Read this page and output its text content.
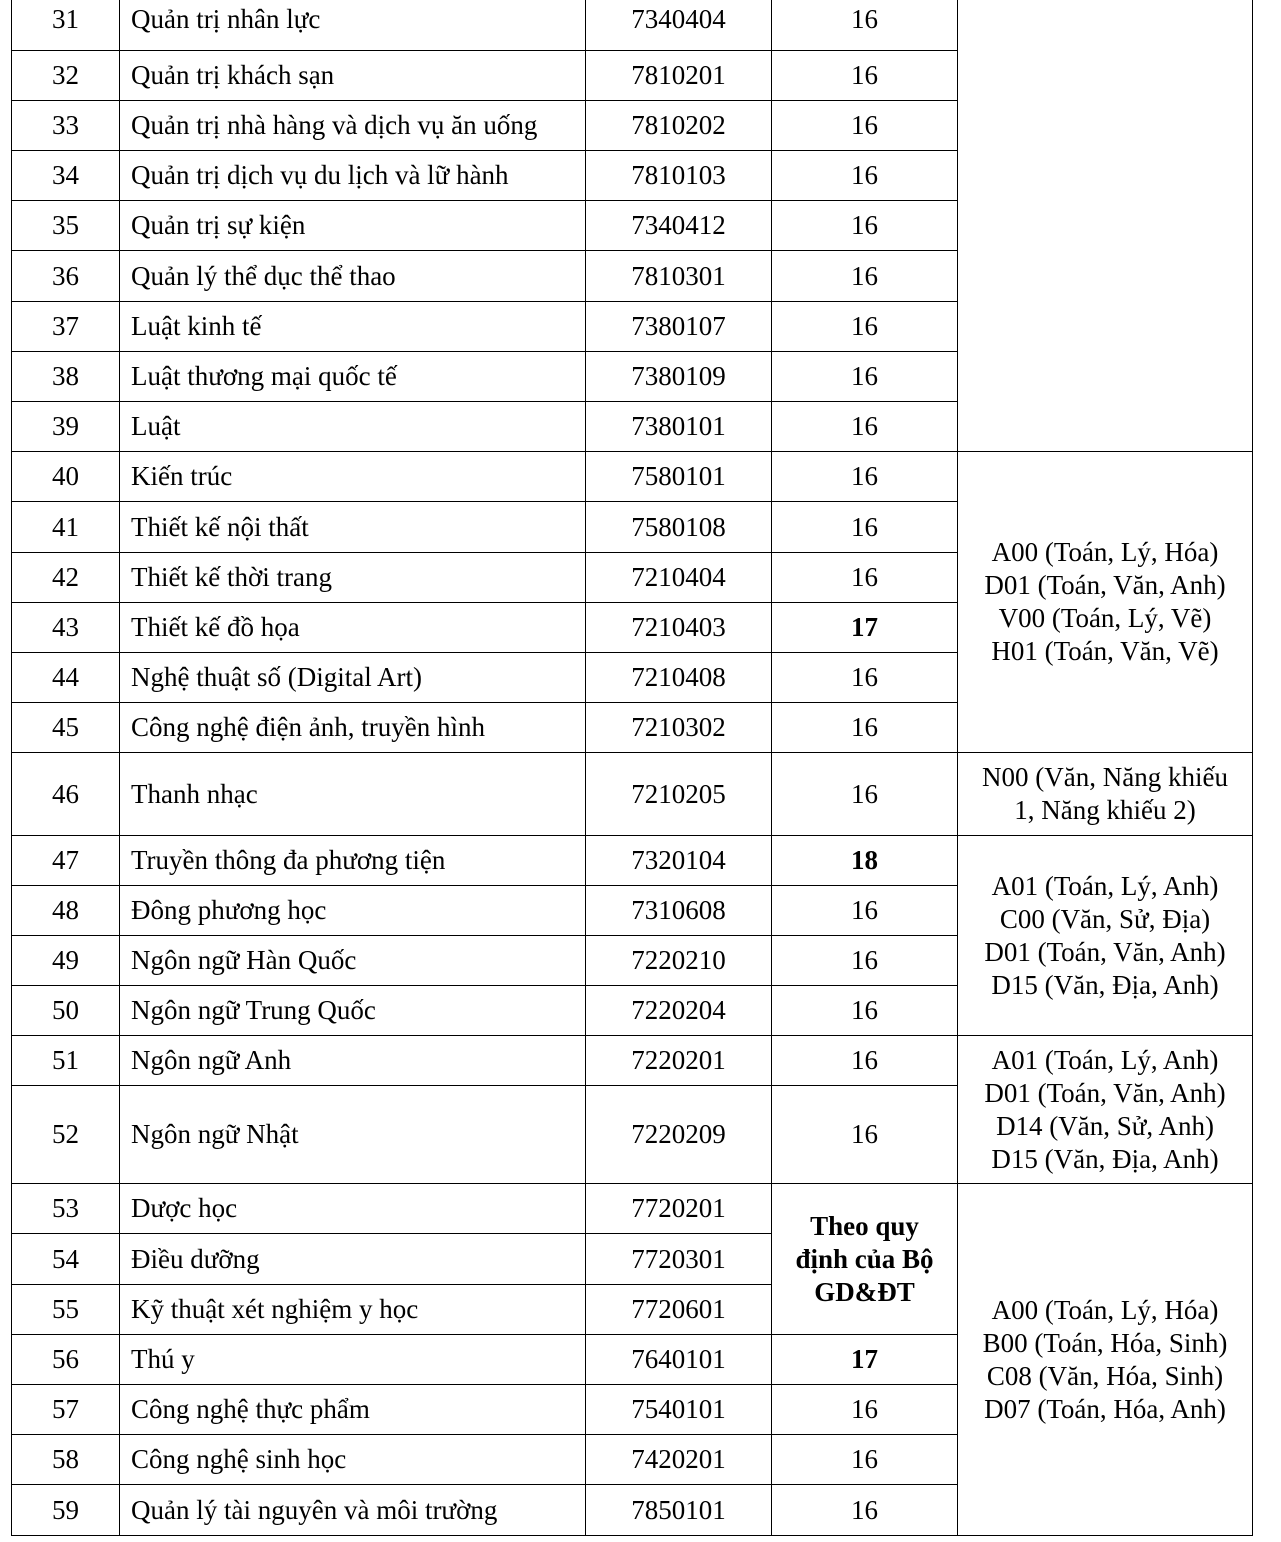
31	Quản trị nhân lực	7340404	16	
32	Quản trị khách sạn	7810201	16	
33	Quản trị nhà hàng và dịch vụ ăn uống	7810202	16	
34	Quản trị dịch vụ du lịch và lữ hành	7810103	16	
35	Quản trị sự kiện	7340412	16	
36	Quản lý thể dục thể thao	7810301	16	
37	Luật kinh tế	7380107	16	
38	Luật thương mại quốc tế	7380109	16	
39	Luật	7380101	16	
40	Kiến trúc	7580101	16	A00 (Toán, Lý, Hóa)
D01 (Toán, Văn, Anh)
V00 (Toán, Lý, Vẽ)
H01 (Toán, Văn, Vẽ)

41	Thiết kế nội thất	7580108	16	
42	Thiết kế thời trang	7210404	16	
43	Thiết kế đồ họa	7210403	17	
44	Nghệ thuật số (Digital Art)	7210408	16	
45	Công nghệ điện ảnh, truyền hình	7210302	16	
46	Thanh nhạc	7210205	16	N00 (Văn, Năng khiếu
1, Năng khiếu 2)

47	Truyền thông đa phương tiện	7320104	18	A01 (Toán, Lý, Anh)
C00 (Văn, Sử, Địa)
D01 (Toán, Văn, Anh)
D15 (Văn, Địa, Anh)

48	Đông phương học	7310608	16	
49	Ngôn ngữ Hàn Quốc	7220210	16	
50	Ngôn ngữ Trung Quốc	7220204	16	
51	Ngôn ngữ Anh	7220201	16	A01 (Toán, Lý, Anh)
D01 (Toán, Văn, Anh)
D14 (Văn, Sử, Anh)
D15 (Văn, Địa, Anh)

52	Ngôn ngữ Nhật	7220209	16	
53	Dược học	7720201	Theo quy
định của Bộ
GD&ĐT	A00 (Toán, Lý, Hóa)
B00 (Toán, Hóa, Sinh)
C08 (Văn, Hóa, Sinh)
D07 (Toán, Hóa, Anh)

54	Điều dưỡng	7720301		
55	Kỹ thuật xét nghiệm y học	7720601		
56	Thú y	7640101	17	
57	Công nghệ thực phẩm	7540101	16	
58	Công nghệ sinh học	7420201	16	
59	Quản lý tài nguyên và môi trường	7850101	16	
